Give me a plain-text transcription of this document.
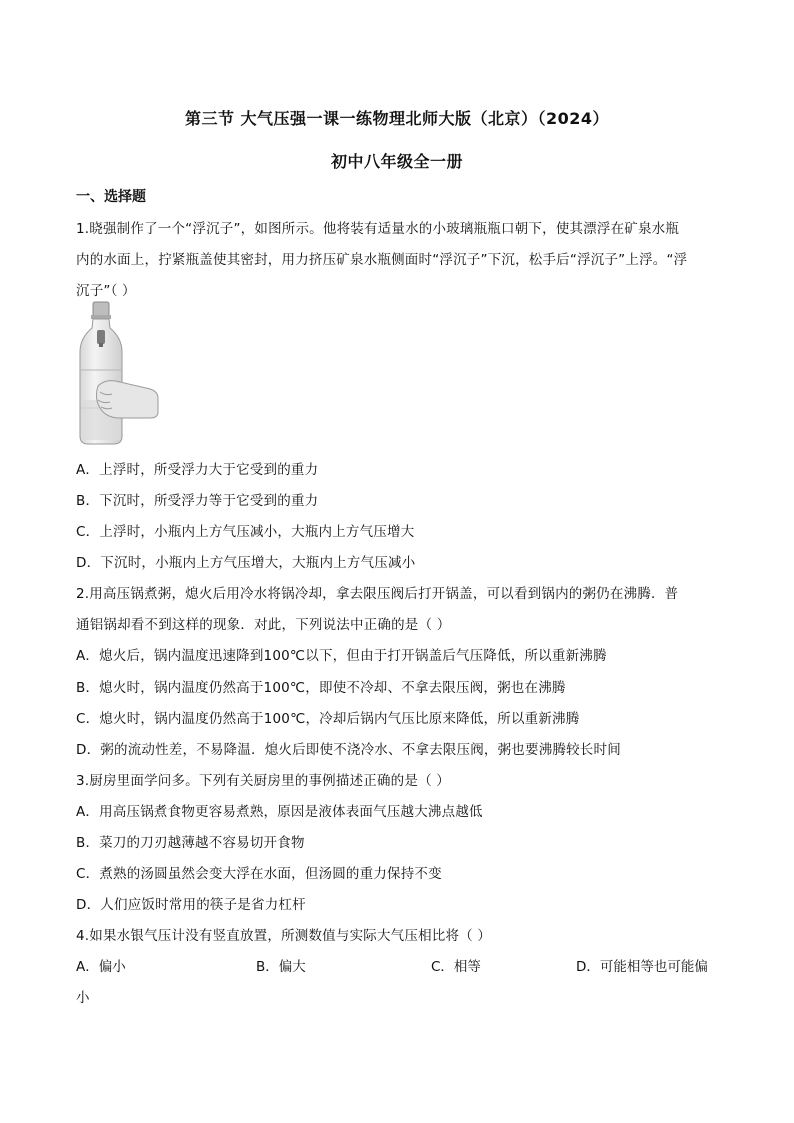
第三节 大气压强一课一练物理北师大版（北京）（2024）
初中八年级全一册
一、选择题
1.晓强制作了一个“浮沉子”，如图所示。他将装有适量水的小玻璃瓶瓶口朝下，使其漂浮在矿泉水瓶
内的水面上，拧紧瓶盖使其密封，用力挤压矿泉水瓶侧面时“浮沉子”下沉，松手后“浮沉子”上浮。“浮
沉子”（ ）
A．上浮时，所受浮力大于它受到的重力
B．下沉时，所受浮力等于它受到的重力
C．上浮时，小瓶内上方气压减小，大瓶内上方气压增大
D．下沉时，小瓶内上方气压增大，大瓶内上方气压减小
2.用高压锅煮粥，熄火后用冷水将锅冷却，拿去限压阀后打开锅盖，可以看到锅内的粥仍在沸腾．普
通铝锅却看不到这样的现象．对此，下列说法中正确的是（ ）
A．熄火后，锅内温度迅速降到100℃以下，但由于打开锅盖后气压降低，所以重新沸腾
B．熄火时，锅内温度仍然高于100℃，即使不冷却、不拿去限压阀，粥也在沸腾
C．熄火时，锅内温度仍然高于100℃，冷却后锅内气压比原来降低，所以重新沸腾
D．粥的流动性差，不易降温．熄火后即使不浇冷水、不拿去限压阀，粥也要沸腾较长时间
3.厨房里面学问多。下列有关厨房里的事例描述正确的是（ ）
A．用高压锅煮食物更容易煮熟，原因是液体表面气压越大沸点越低
B．菜刀的刀刃越薄越不容易切开食物
C．煮熟的汤圆虽然会变大浮在水面，但汤圆的重力保持不变
D．人们应饭时常用的筷子是省力杠杆
4.如果水银气压计没有竖直放置，所测数值与实际大气压相比将（ ）
A．偏小	B．偏大	C．相等	D．可能相等也可能偏
小
